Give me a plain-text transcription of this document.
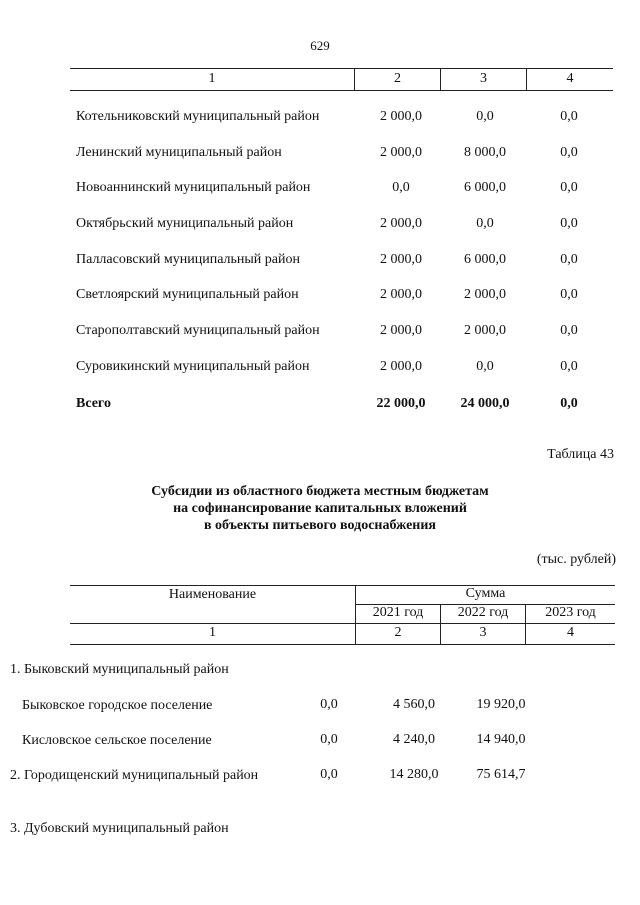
629
1	2	3	4
Котельниковский муниципальный район	2 000,0	0,0	0,0
Ленинский муниципальный район	2 000,0	8 000,0	0,0
Новоаннинский муниципальный район	0,0	6 000,0	0,0
Октябрьский муниципальный район	2 000,0	0,0	0,0
Палласовский муниципальный район	2 000,0	6 000,0	0,0
Светлоярский муниципальный район	2 000,0	2 000,0	0,0
Старополтавский муниципальный район	2 000,0	2 000,0	0,0
Суровикинский муниципальный район	2 000,0	0,0	0,0
Всего	22 000,0	24 000,0	0,0
Таблица 43
Субсидии из областного бюджета местным бюджетам
на софинансирование капитальных вложений
в объекты питьевого водоснабжения
(тыс. рублей)
Наименование	Сумма
2021 год	2022 год	2023 год
1	2	3	4
1. Быковский муниципальный район
Быковское городское поселение	0,0	4 560,0	19 920,0
Кисловское сельское поселение	0,0	4 240,0	14 940,0
2. Городищенский муниципальный район	0,0	14 280,0	75 614,7
3. Дубовский муниципальный район
